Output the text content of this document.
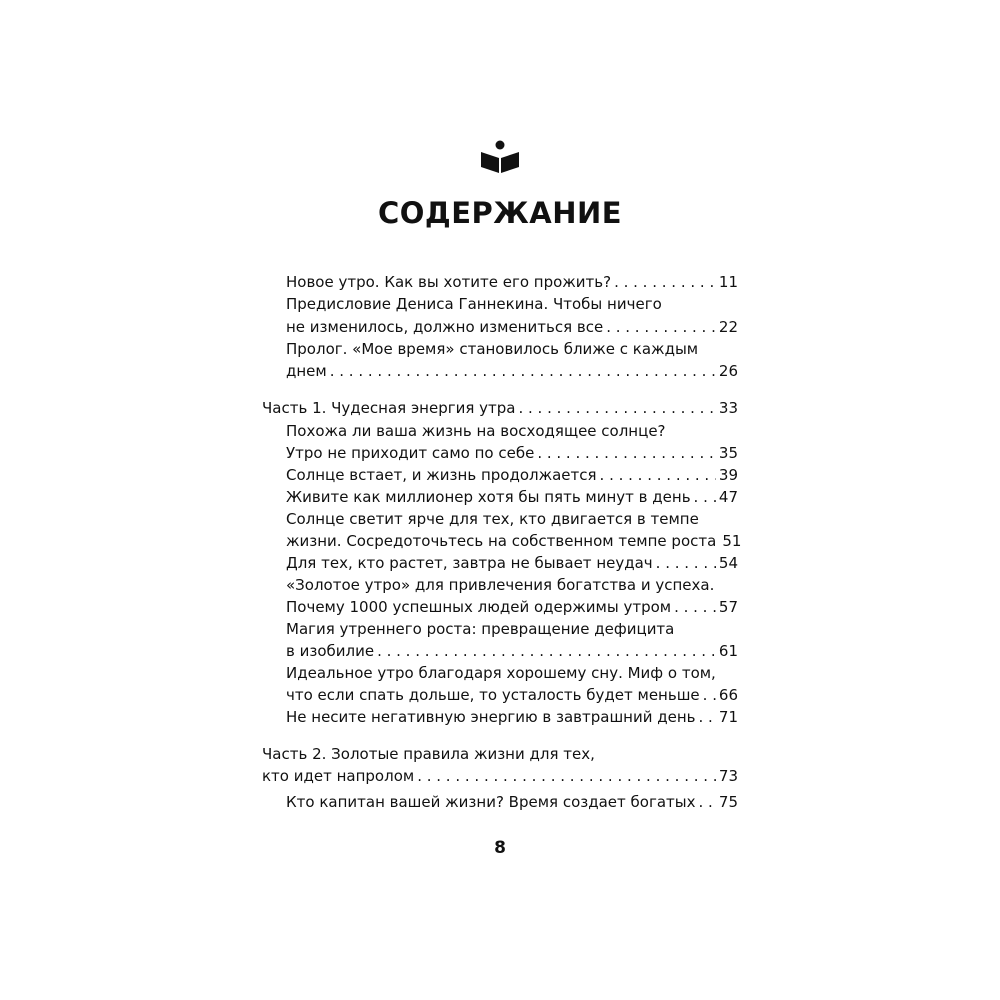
СОДЕРЖАНИЕ
Новое утро. Как вы хотите его прожить? . . .	11
Предисловие Дениса Ганнекина. Чтобы ничего
не изменилось, должно измениться все . . .	22
Пролог. «Мое время» становилось ближе с каждым
днем . . .	26
Часть 1. Чудесная энергия утра . . .	33
Похожа ли ваша жизнь на восходящее солнце?
Утро не приходит само по себе . . .	35
Солнце встает, и жизнь продолжается . . .	39
Живите как миллионер хотя бы пять минут в день . . . 47
Солнце светит ярче для тех, кто двигается в темпе
жизни. Сосредоточьтесь на собственном темпе роста 51
Для тех, кто растет, завтра не бывает неудач . . .	54
«Золотое утро» для привлечения богатства и успеха.
Почему 1000 успешных людей одержимы утром . . .	57
Магия утреннего роста: превращение дефицита
в изобилие . . .	61
Идеальное утро благодаря хорошему сну. Миф о том,
что если спать дольше, то усталость будет меньше . . . 66
Не несите негативную энергию в завтрашний день . . . 71
Часть 2. Золотые правила жизни для тех,
кто идет напролом . . .	73
Кто капитан вашей жизни? Время создает богатых . . . 75
8
